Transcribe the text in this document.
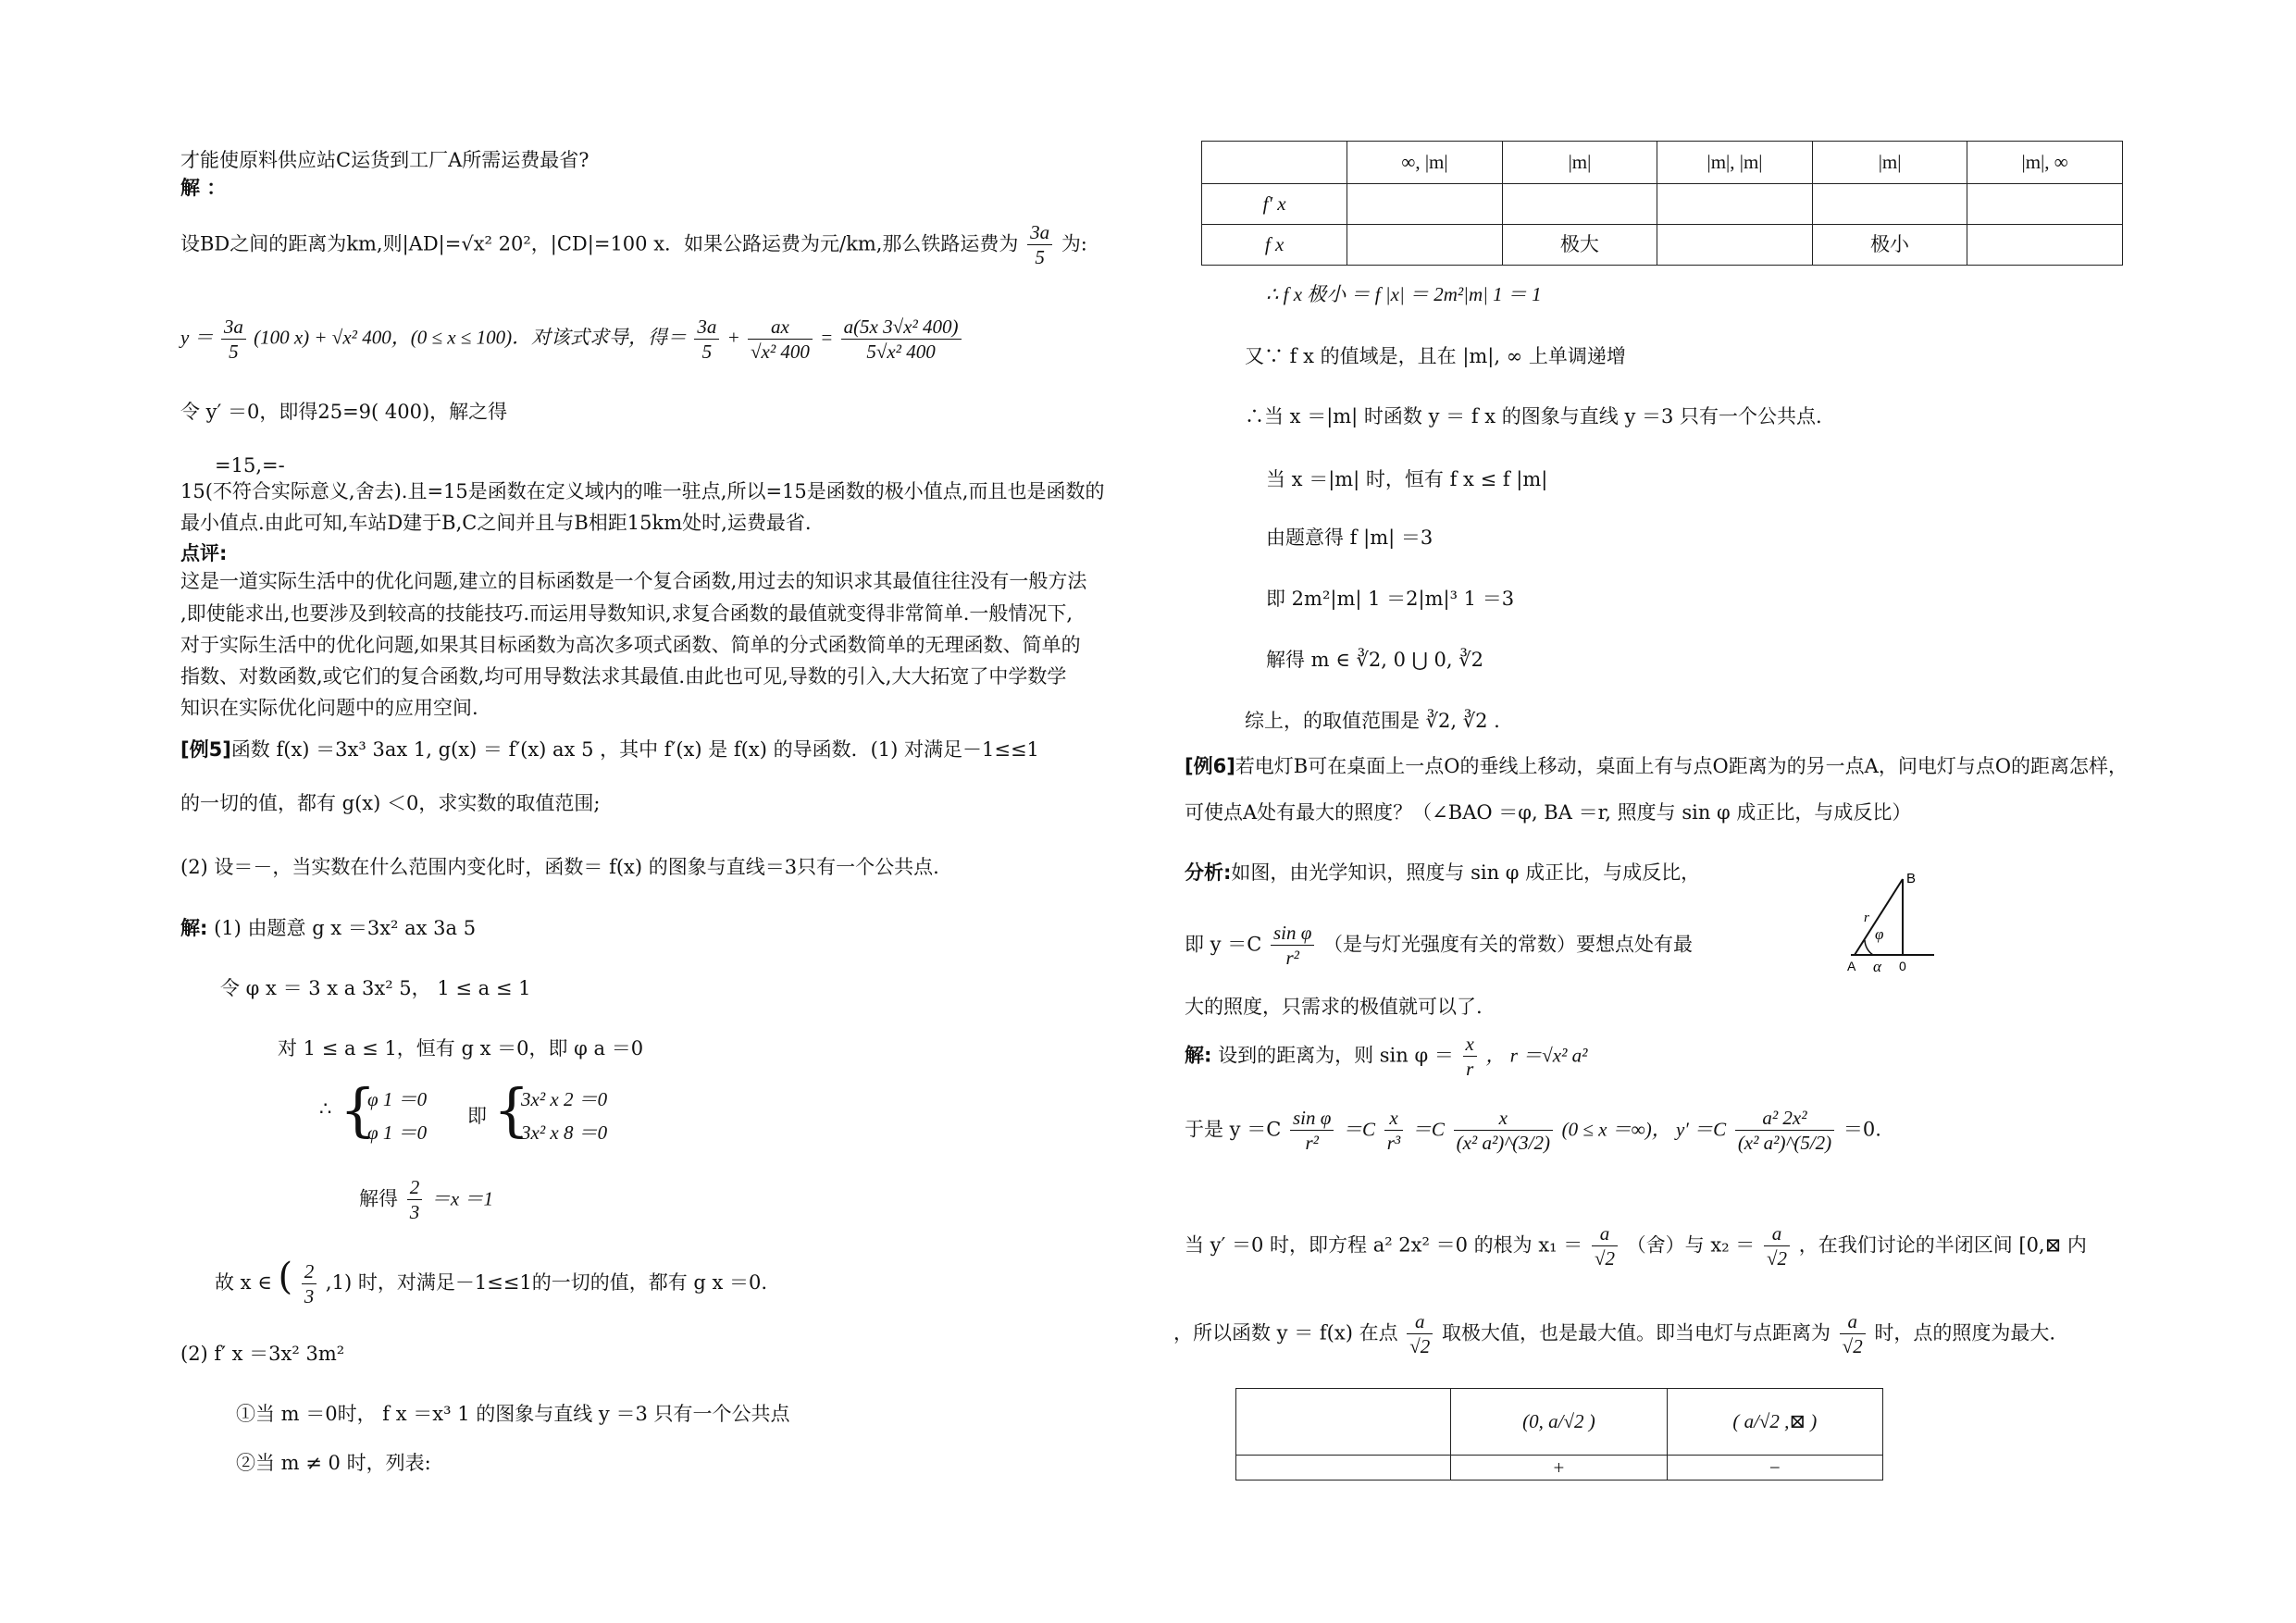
才能使原料供应站C运货到工厂A所需运费最省?
解 ：
设BD之间的距离为km,则|AD|=√x² 20²，|CD|=100 x．如果公路运费为元/km,那么铁路运费为 $\frac{3a}{5}$ 为:
$y = \frac{3a}{5} (100$ x) + √x² 400，(0 ≤ x ≤ 100)．对该式求导，得＝ $\frac{3a}{5} + \frac{ax}{\text{√x² 400}} = \frac{\text{a(5x 3√x² 400)}}{\text{5√x² 400}}$
令 y′ ＝0，即得25=9( 400)，解之得
=15,=-
15(不符合实际意义,舍去).且=15是函数在定义域内的唯一驻点,所以=15是函数的极小值点,而且也是函数的
最小值点.由此可知,车站D建于B,C之间并且与B相距15km处时,运费最省.
点评:
这是一道实际生活中的优化问题,建立的目标函数是一个复合函数,用过去的知识求其最值往往没有一般方法
,即使能求出,也要涉及到较高的技能技巧.而运用导数知识,求复合函数的最值就变得非常简单.一般情况下,
对于实际生活中的优化问题,如果其目标函数为高次多项式函数、简单的分式函数简单的无理函数、简单的
指数、对数函数,或它们的复合函数,均可用导数法求其最值.由此也可见,导数的引入,大大拓宽了中学数学
知识在实际优化问题中的应用空间.
[例5]函数 f(x) ＝3x³ 3ax 1, g(x) ＝ f′(x) ax 5 ，其中 f′(x) 是 f(x) 的导函数．(1) 对满足－1≤≤1
的一切的值，都有 g(x) ＜0，求实数的取值范围;
(2) 设＝－，当实数在什么范围内变化时，函数＝ f(x) 的图象与直线＝3只有一个公共点.
解: (1) 由题意 g x ＝3x² ax 3a 5
令 φ x ＝ 3 x a 3x² 5， 1 ≤ a ≤ 1
对 1 ≤ a ≤ 1，恒有 g x ＝0，即 φ a ＝0
∴ {
φ 1 ＝0
φ 1 ＝0
即 {
3x² x 2 ＝0
3x² x 8 ＝0
解得 $\frac{2}{3} =x =1$
故 x ∈ ( $\frac{2}{3} ,1$) 时，对满足－1≤≤1的一切的值，都有 g x ＝0.
(2) f′ x ＝3x² 3m²
①当 m ＝0时， f x ＝x³ 1 的图象与直线 y ＝3 只有一个公共点
②当 m ≠ 0 时，列表:
	∞, |m|	|m|	|m|, |m|	|m|	|m|, ∞
f′ x					
f x		极大		极小	
∴ f x 极小 ＝ f |x| ＝ 2m²|m| 1 ＝ 1
又∵ f x 的值域是，且在 |m|, ∞ 上单调递增
∴当 x ＝|m| 时函数 y ＝ f x 的图象与直线 y ＝3 只有一个公共点.
当 x ＝|m| 时，恒有 f x ≤ f |m|
由题意得 f |m| ＝3
即 2m²|m| 1 ＝2|m|³ 1 ＝3
解得 m ∈ ∛2, 0 ⋃ 0, ∛2
综上，的取值范围是 ∛2, ∛2 .
[例6]若电灯B可在桌面上一点O的垂线上移动，桌面上有与点O距离为的另一点A，问电灯与点O的距离怎样，
可使点A处有最大的照度？（∠BAO ＝φ, BA ＝r, 照度与 sin φ 成正比，与成反比）
分析:如图，由光学知识，照度与 sin φ 成正比，与成反比，
即 $y =C \frac{\text{sin φ}}{\text{r²}}$ （是与灯光强度有关的常数）要想点处有最
B
r
φ
A α 0
大的照度，只需求的极值就可以了.
解: 设到的距离为，则 $\sin \varphi = \frac{x}{r}$ ， r ＝√x² a²
于是 $y =C \frac{\text{sin φ}}{\text{r²}} =C \frac{x}{\text{r³}} =C \frac{x}{\text{(x² a²)\textasciicircum{}(3/2)}} (0 \le x$ ＝∞)， $y' =C \frac{\text{a² 2x²}}{\text{(x² a²)\textasciicircum{}(5/2)}} =0$.
当 y′ ＝0 时，即方程 a² 2x² ＝0 的根为 $x_1 = \frac{a}{√2}$ （舍）与 $x_2 = \frac{a}{√2}$ ，在我们讨论的半闭区间 [0,⊠ 内
，所以函数 y ＝ f(x) 在点 $\frac{a}{√2}$ 取极大值，也是最大值。即当电灯与点距离为 $\frac{a}{√2}$ 时，点的照度为最大.
	(0, a/√2 )	( a/√2 ,⊠ )
	+	−
